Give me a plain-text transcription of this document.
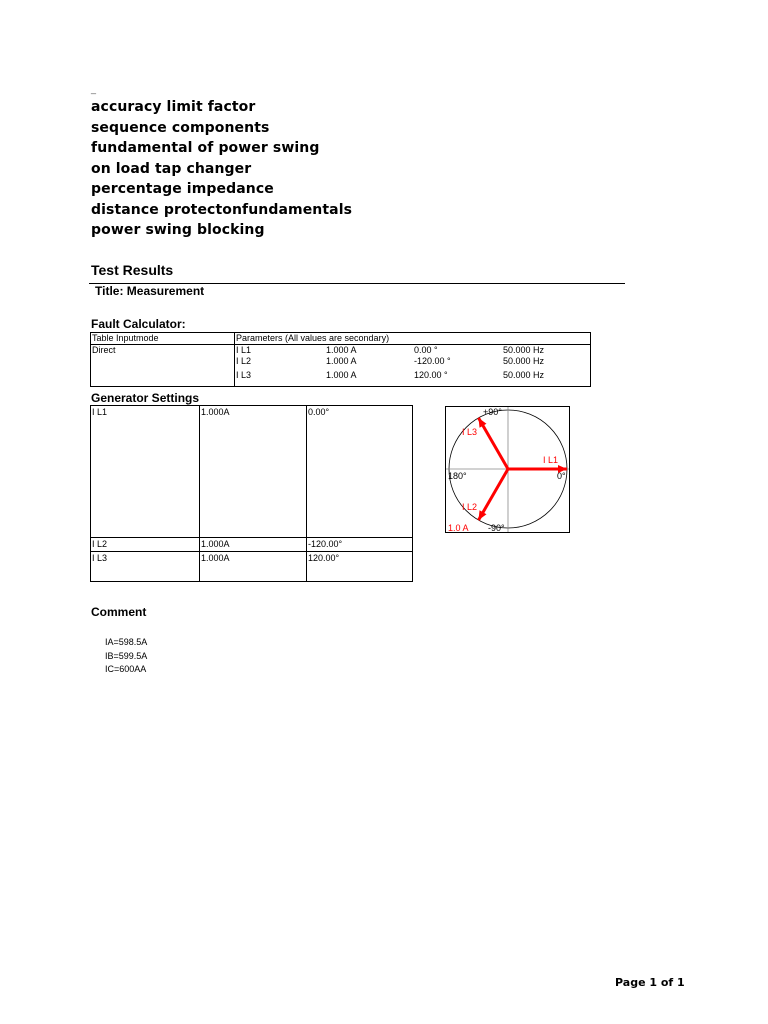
_
accuracy limit factor
sequence components
fundamental of power swing
on load tap changer
percentage impedance
distance protectonfundamentals
power swing blocking
Test Results
Title: Measurement
Fault Calculator:
Table Inputmode	Parameters (All values are secondary)
Direct		I L1	1.000 A	0.00 °	50.000 Hz
I L2	1.000 A	-120.00 °	50.000 Hz
I L3	1.000 A	120.00 °	50.000 Hz
Generator Settings
I L1	1.000A	0.00°
I L2	1.000A	-120.00°
I L3	1.000A	120.00°
I L1
I L2
I L3
+90°
180°	0°
-90°
1.0 A
Comment
IA=598.5A
IB=599.5A
IC=600AA
Page 1 of 1
